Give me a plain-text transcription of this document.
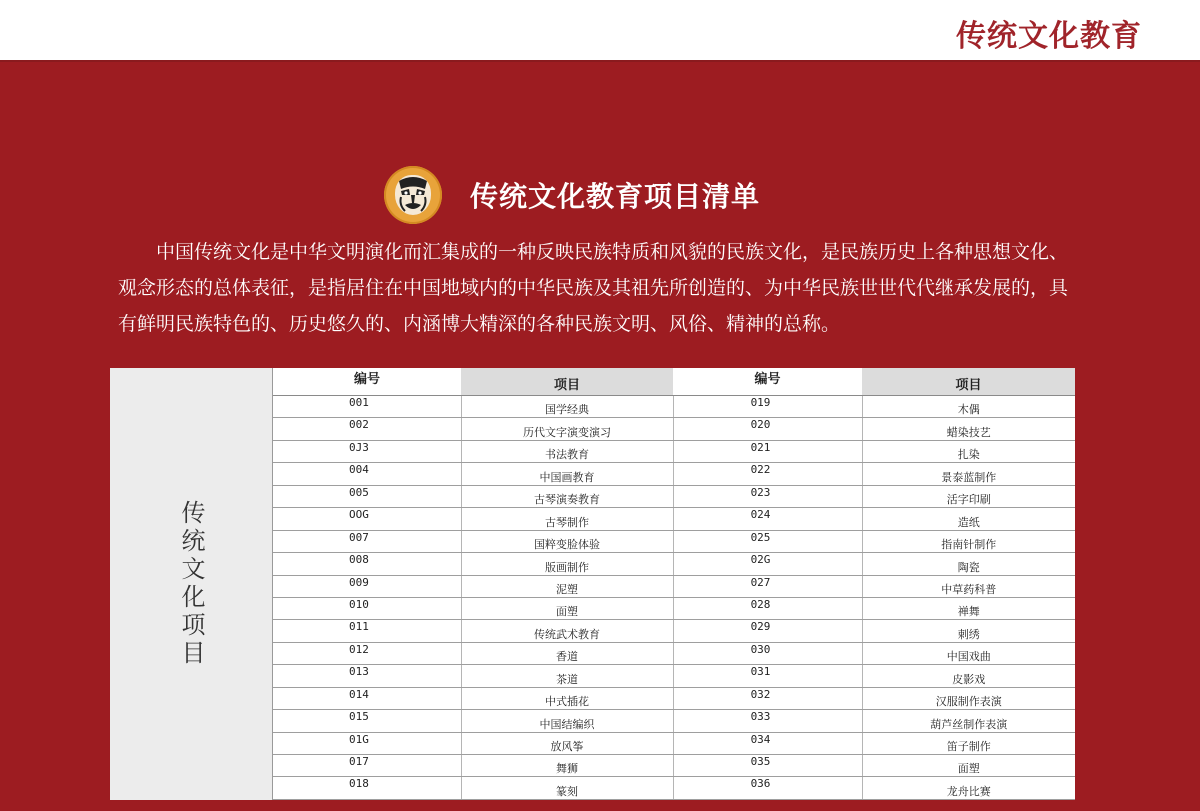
传统文化教育
传统文化教育项目清单

中国传统文化是中华文明演化而汇集成的一种反映民族特质和风貌的民族文化，是民族历史上各种思想文化、观念形态的总体表征，是指居住在中国地域内的中华民族及其祖先所创造的、为中华民族世世代代继承发展的，具有鲜明民族特色的、历史悠久的、内涵博大精深的各种民族文明、风俗、精神的总称。

传统文化项目
编号	项目	编号	项目
001	国学经典	019	木偶
002	历代文字演变演习	020	蜡染技艺
0J3	书法教育	021	扎染
004	中国画教育	022	景泰蓝制作
005	古琴演奏教育	023	活字印刷
OOG	古琴制作	024	造纸
007	国粹变脸体验	025	指南针制作
008	版画制作	02G	陶瓷
009	泥塑	027	中草药科普
010	面塑	028	禅舞
011	传统武术教育	029	刺绣
012	香道	030	中国戏曲
013	茶道	031	皮影戏
014	中式插花	032	汉服制作表演
015	中国结编织	033	葫芦丝制作表演
01G	放风筝	034	笛子制作
017	舞狮	035	面塑
018	篆刻	036	龙舟比赛
